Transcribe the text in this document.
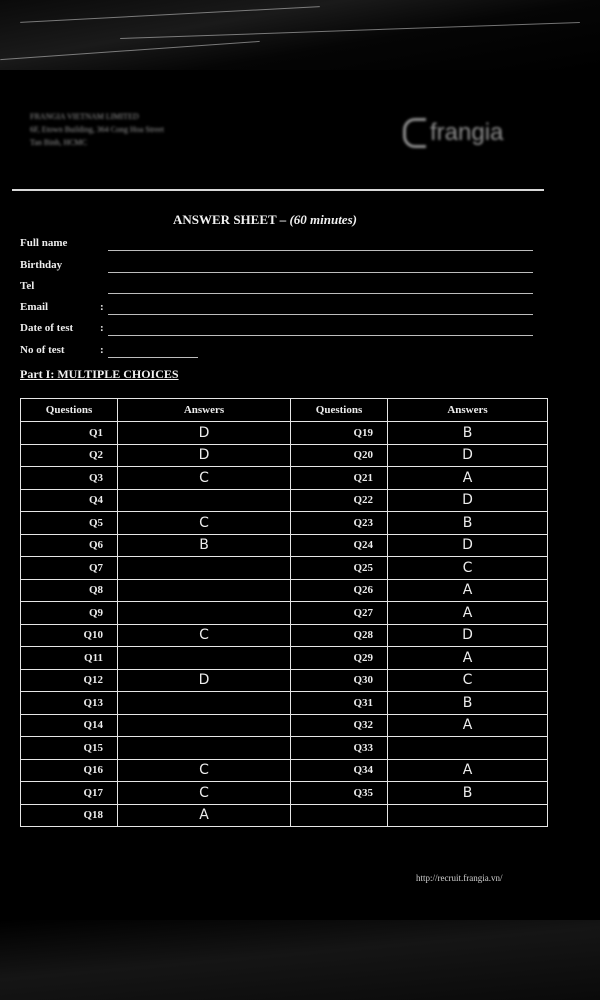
FRANGIA VIETNAM LIMITED
6F, Etown Building, 364 Cong Hoa Street
Tan Binh, HCMC	frangia
ANSWER SHEET – (60 minutes)
Full name
Birthday
Tel
Email	:
Date of test :
No of test	:
Part I: MULTIPLE CHOICES
Questions	Answers	Questions	Answers
Q1	D	Q19	B
Q2	D	Q20	D
Q3	C	Q21	A
Q4		Q22	D
Q5	C	Q23	B
Q6	B	Q24	D
Q7		Q25	C
Q8		Q26	A
Q9		Q27	A
Q10	C	Q28	D
Q11		Q29	A
Q12	D	Q30	C
Q13		Q31	B
Q14		Q32	A
Q15		Q33	
Q16	C	Q34	A
Q17	C	Q35	B
Q18	A		
http://recruit.frangia.vn/
